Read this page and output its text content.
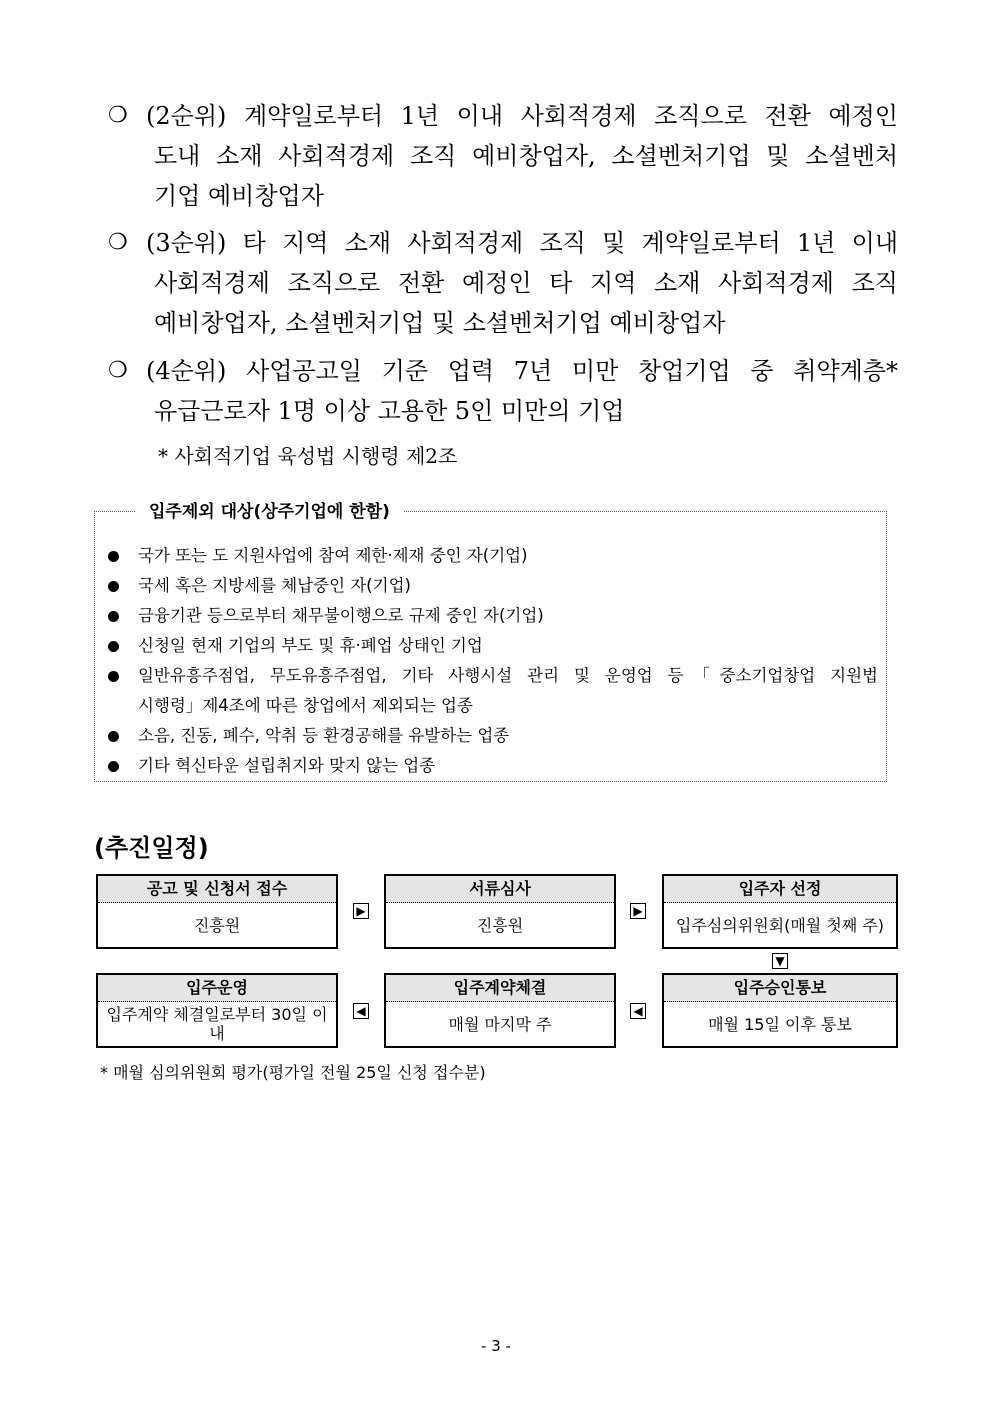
❍ (2순위) 계약일로부터 1년 이내 사회적경제 조직으로 전환 예정인
도내 소재 사회적경제 조직 예비창업자, 소셜벤처기업 및 소셜벤처
기업 예비창업자
❍ (3순위) 타 지역 소재 사회적경제 조직 및 계약일로부터 1년 이내
사회적경제 조직으로 전환 예정인 타 지역 소재 사회적경제 조직
예비창업자, 소셜벤처기업 및 소셜벤처기업 예비창업자
❍ (4순위) 사업공고일 기준 업력 7년 미만 창업기업 중 취약계층*
유급근로자 1명 이상 고용한 5인 미만의 기업
* 사회적기업 육성법 시행령 제2조
입주제외 대상(상주기업에 한함)
국가 또는 도 지원사업에 참여 제한·제재 중인 자(기업)
국세 혹은 지방세를 체납중인 자(기업)
금융기관 등으로부터 채무불이행으로 규제 중인 자(기업)
신청일 현재 기업의 부도 및 휴·폐업 상태인 기업
일반유흥주점업, 무도유흥주점업, 기타 사행시설 관리 및 운영업 등「중소기업창업 지원법
시행령」제4조에 따른 창업에서 제외되는 업종
소음, 진동, 폐수, 악취 등 환경공해를 유발하는 업종
기타 혁신타운 설립취지와 맞지 않는 업종
(추진일정)
공고 및 신청서 접수
진흥원
▶
서류심사
진흥원
▶
입주자 선정
입주심의위원회(매월 첫째 주)
▼
입주승인통보
매월 15일 이후 통보
◀
입주계약체결
매월 마지막 주
◀
입주운영
입주계약 체결일로부터 30일 이내
* 매월 심의위원회 평가(평가일 전월 25일 신청 접수분)
- 3 -
